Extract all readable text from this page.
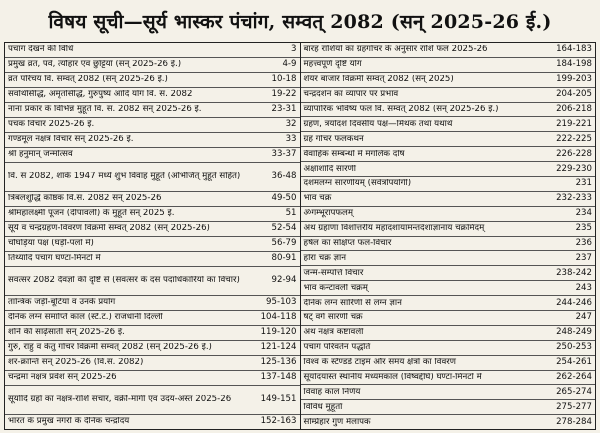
विषय सूची—सूर्य भास्कर पंचांग, सम्वत् 2082 (सन् 2025-26 ई.)
पंचांग देखने की विधि	3
प्रमुख व्रत, पर्व, त्यौहार एवं छुट्टियाँ (सन् 2025-26 ई.)	4-9
व्रत परिचय वि. सम्वत् 2082 (सन् 2025-26 ई.)	10-18
सर्वार्थसिद्धि, अमृतसिद्धि, गुरुपुष्य आदि योग वि. सं. 2082	19-22
नाना प्रकार के विभिन्न मुहूर्त वि. सं. 2082 सन् 2025-26 ई.	23-31
पंचक विचार 2025-26 ई.	32
गण्डमूल नक्षत्र विचार सन् 2025-26 ई.	33
श्री हनुमान् जन्मोत्सव	33-37
वि. सं 2082, शाके 1947 मध्ये शुभ विवाह मुहूर्त (अभिजित् मुहूर्त सहित)	36-48
त्रिबलशुद्धि कोष्ठक वि.सं. 2082 सन् 2025-26	49-50
श्रीमहालक्ष्मी पूजन (दीपावली) के मुहूर्त सन् 2025 ई.	51
सूर्य व चन्द्रग्रहण-विवरण विक्रमी सम्वत् 2082 (सन् 2025-26)	52-54
चौघड़िया पक्ष (घड़ी-पलों में)	56-79
तिथ्यादि पंचांग घण्टा-मिनटों में	80-91
संवत्सर 2082 दैवज्ञों की दृष्टि से (संवत्सर के दस पदाधिकारियों का विचार)	92-94
तान्त्रिक जड़ी-बूटियाँ व उनके प्रयोग	95-103
दैनिक लग्न समाप्ति काल (स्टै.ट.) राजधानी दिल्ली	104-118
शनि की साढ़ेसाती सन् 2025-26 ई.	119-120
गुरु, राहु व केतु गोचर विक्रमी सम्वत् 2082 (सन् 2025-26 ई.)	121-124
शर-क्रान्ति सन् 2025-26 (वि.सं. 2082)	125-136
चन्द्रमा नक्षत्र प्रवेश सन् 2025-26	137-148
सूर्यादि ग्रहों का नक्षत्र-राशि संचार, वक्री-मार्गी एवं उदय-अस्त 2025-26	149-151
भारत के प्रमुख नगरों के दैनिक चन्द्रोदय	152-163
बारह राशियों का ग्रहगोचर के अनुसार राशि फल 2025-26	164-183
महत्त्वपूर्ण दृष्टि योग	184-198
शेयर बाजार विक्रमी सम्वत् 2082 (सन् 2025)	199-203
चन्द्रदर्शन का व्यापार पर प्रभाव	204-205
व्यापारिक भविष्य फल वि. सम्वत् 2082 (सन् 2025-26 ई.)	206-218
ग्रहण, त्रयोदश दिवसीय पक्ष—मिथक तथा यथार्थ	219-221
ग्रह गोचर फलकथन	222-225
वैवाहिक सम्बन्धों में मंगलिक दोष	226-228
अक्षांशादि सारणी	229-230
दशमलग्न सारणीयम् (सर्वत्रोपयोगी)	231
भाव चक्र	232-233
ॐगम्भूरापफलम्	234
अथ ग्रहाणां विंशोत्तरीय महादशायामन्तर्दशाज्ञानाय चक्रमिदम्	235
हर्षल का संक्षिप्त फल-विचार	236
होरा चक्र ज्ञान	237
जन्म-सम्पत्ति विचार	238-242
भाव कन्टावली चक्रम्	243
दैनिक लग्न सारिणी से लग्न ज्ञान	244-246
षट् वर्ग सारणी चक्र	247
अथ नक्षत्र कष्टावली	248-249
पंचांग परिवर्तन पद्धति	250-253
विश्व के स्टैण्डर्ड टाइम और समय क्षेत्रों का विवरण	254-261
सूर्योदयास्त स्थानीय मध्यमकाल (विष्वद्दीर्घ) घण्टा-मिनटों में	262-264
विवाह काल निर्णय	265-274
विविध मुहूर्ता	275-277
सम्प्रिहार गुण मेलापक	278-284
